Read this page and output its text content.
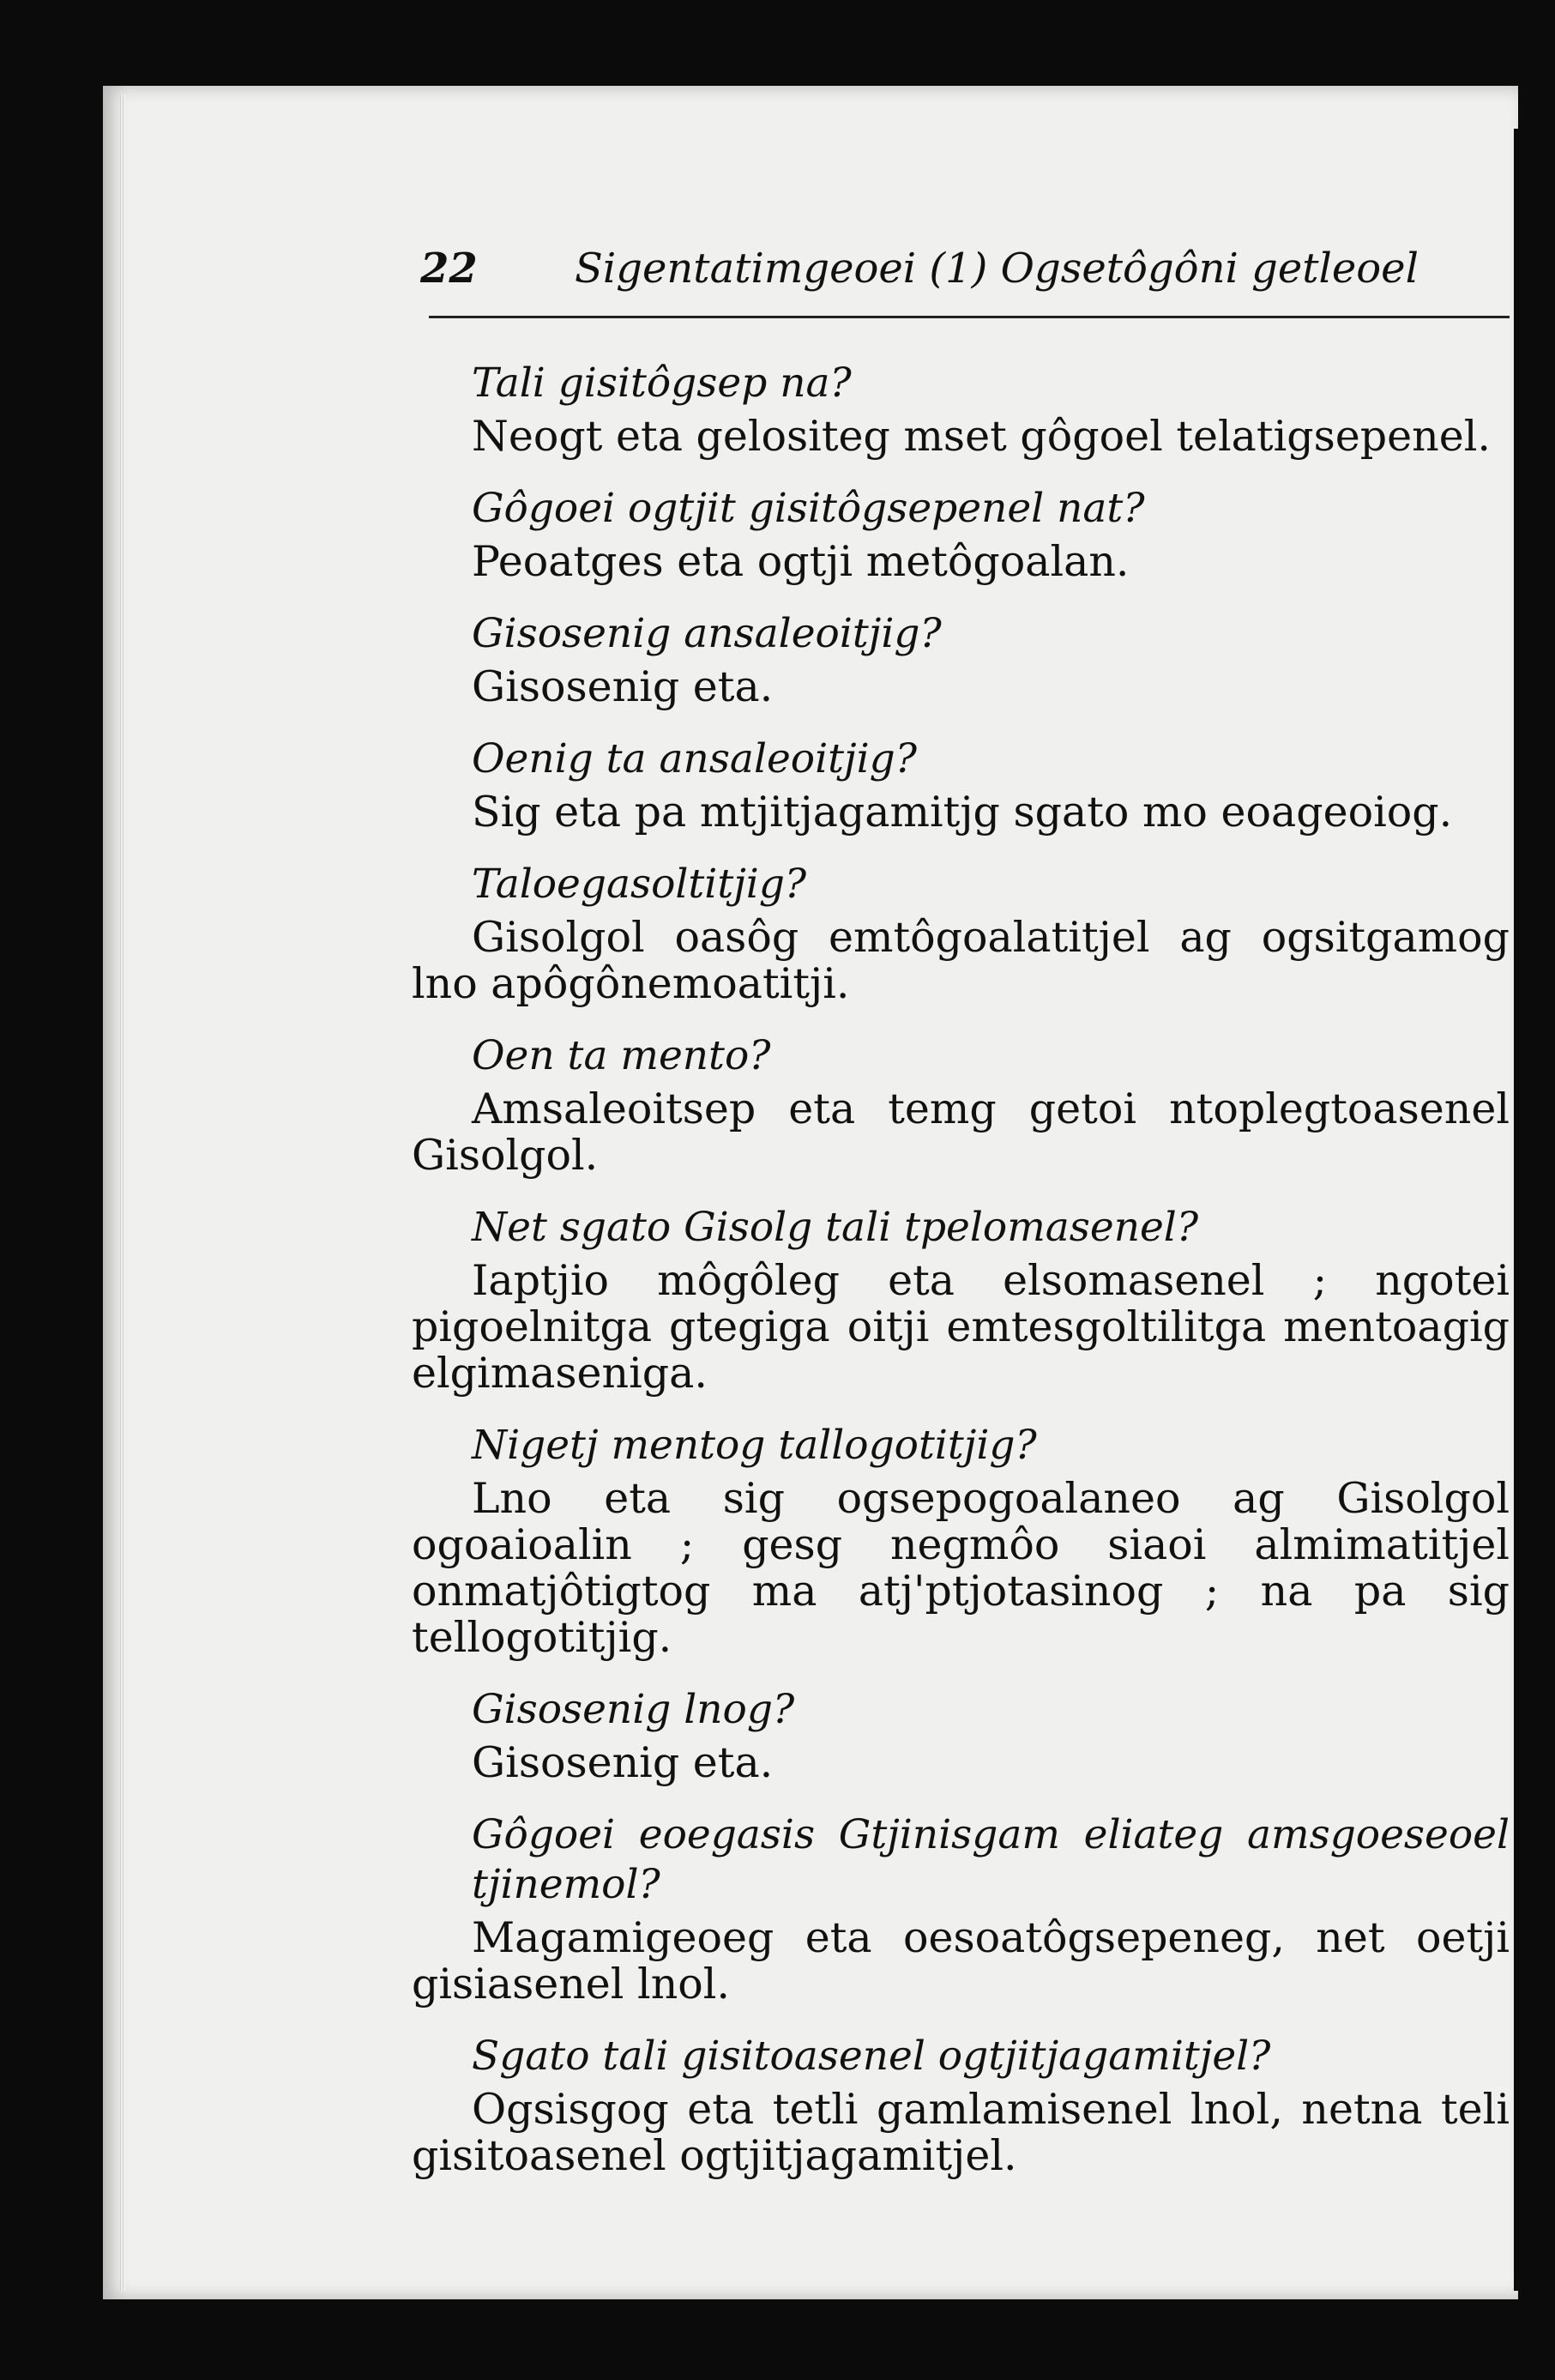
22 Sigentatimgeoei (1) Ogsetôgôni getleoel

Tali gisitôgsep na?

Neogt eta gelositeg mset gôgoel telatigsepenel.

Gôgoei ogtjit gisitôgsepenel nat?

Peoatges eta ogtji metôgoalan.

Gisosenig ansaleoitjig?

Gisosenig eta.

Oenig ta ansaleoitjig?

Sig eta pa mtjitjagamitjg sgato mo eoageoiog.

Taloegasoltitjig?

Gisolgol oasôg emtôgoalatitjel ag ogsitgamog lno apôgônemoatitji.

Oen ta mento?

Amsaleoitsep eta temg getoi ntoplegtoasenel Gisolgol.

Net sgato Gisolg tali tpelomasenel?

Iaptjio môgôleg eta elsomasenel ; ngotei pigoelnitga gtegiga oitji emtesgoltilitga mentoagig elgimaseniga.

Nigetj mentog tallogotitjig?

Lno eta sig ogsepogoalaneo ag Gisolgol ogoaioalin ; gesg negmôo siaoi almimatitjel onmatjôtigtog ma atj'ptjotasinog ; na pa sig tellogotitjig.

Gisosenig lnog?

Gisosenig eta.

Gôgoei eoegasis Gtjinisgam eliateg amsgoeseoel tjinemol?

Magamigeoeg eta oesoatôgsepeneg, net oetji gisiasenel lnol.

Sgato tali gisitoasenel ogtjitjagamitjel?

Ogsisgog eta tetli gamlamisenel lnol, netna teli gisitoasenel ogtjitjagamitjel.
